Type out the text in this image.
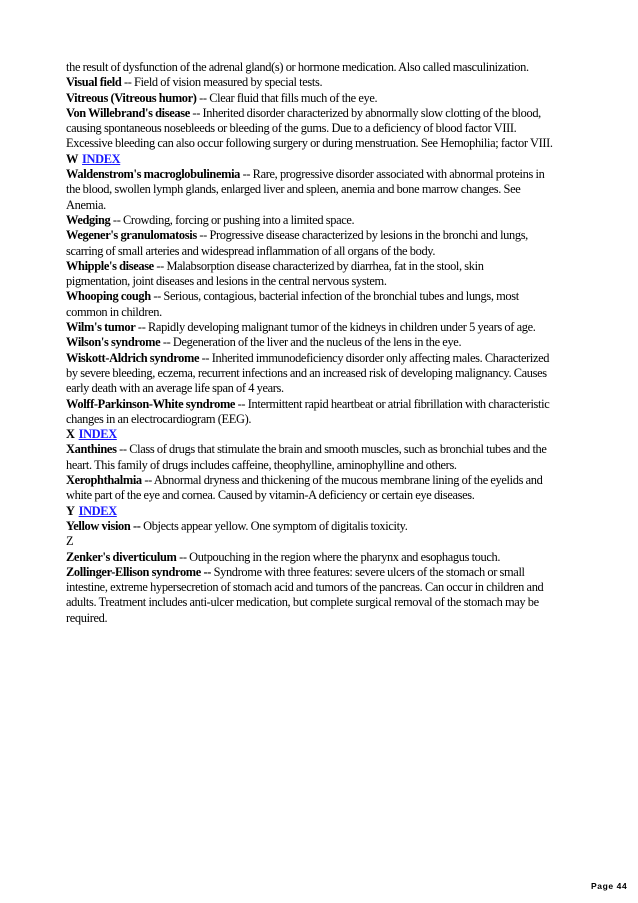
the result of dysfunction of the adrenal gland(s) or hormone medication. Also called masculinization.
Visual field -- Field of vision measured by special tests.
Vitreous (Vitreous humor) -- Clear fluid that fills much of the eye.
Von Willebrand's disease -- Inherited disorder characterized by abnormally slow clotting of the blood,
causing spontaneous nosebleeds or bleeding of the gums. Due to a deficiency of blood factor VIII.
Excessive bleeding can also occur following surgery or during menstruation. See Hemophilia; factor VIII.
W INDEX
Waldenstrom's macroglobulinemia -- Rare, progressive disorder associated with abnormal proteins in
the blood, swollen lymph glands, enlarged liver and spleen, anemia and bone marrow changes. See
Anemia.
Wedging -- Crowding, forcing or pushing into a limited space.
Wegener's granulomatosis -- Progressive disease characterized by lesions in the bronchi and lungs,
scarring of small arteries and widespread inflammation of all organs of the body.
Whipple's disease -- Malabsorption disease characterized by diarrhea, fat in the stool, skin
pigmentation, joint diseases and lesions in the central nervous system.
Whooping cough -- Serious, contagious, bacterial infection of the bronchial tubes and lungs, most
common in children.
Wilm's tumor -- Rapidly developing malignant tumor of the kidneys in children under 5 years of age.
Wilson's syndrome -- Degeneration of the liver and the nucleus of the lens in the eye.
Wiskott-Aldrich syndrome -- Inherited immunodeficiency disorder only affecting males. Characterized
by severe bleeding, eczema, recurrent infections and an increased risk of developing malignancy. Causes
early death with an average life span of 4 years.
Wolff-Parkinson-White syndrome -- Intermittent rapid heartbeat or atrial fibrillation with characteristic
changes in an electrocardiogram (EEG).
X INDEX
Xanthines -- Class of drugs that stimulate the brain and smooth muscles, such as bronchial tubes and the
heart. This family of drugs includes caffeine, theophylline, aminophylline and others.
Xerophthalmia -- Abnormal dryness and thickening of the mucous membrane lining of the eyelids and
white part of the eye and cornea. Caused by vitamin-A deficiency or certain eye diseases.
Y INDEX
Yellow vision -- Objects appear yellow. One symptom of digitalis toxicity.
Z
Zenker's diverticulum -- Outpouching in the region where the pharynx and esophagus touch.
Zollinger-Ellison syndrome -- Syndrome with three features: severe ulcers of the stomach or small
intestine, extreme hypersecretion of stomach acid and tumors of the pancreas. Can occur in children and
adults. Treatment includes anti-ulcer medication, but complete surgical removal of the stomach may be
required.
Page 44
